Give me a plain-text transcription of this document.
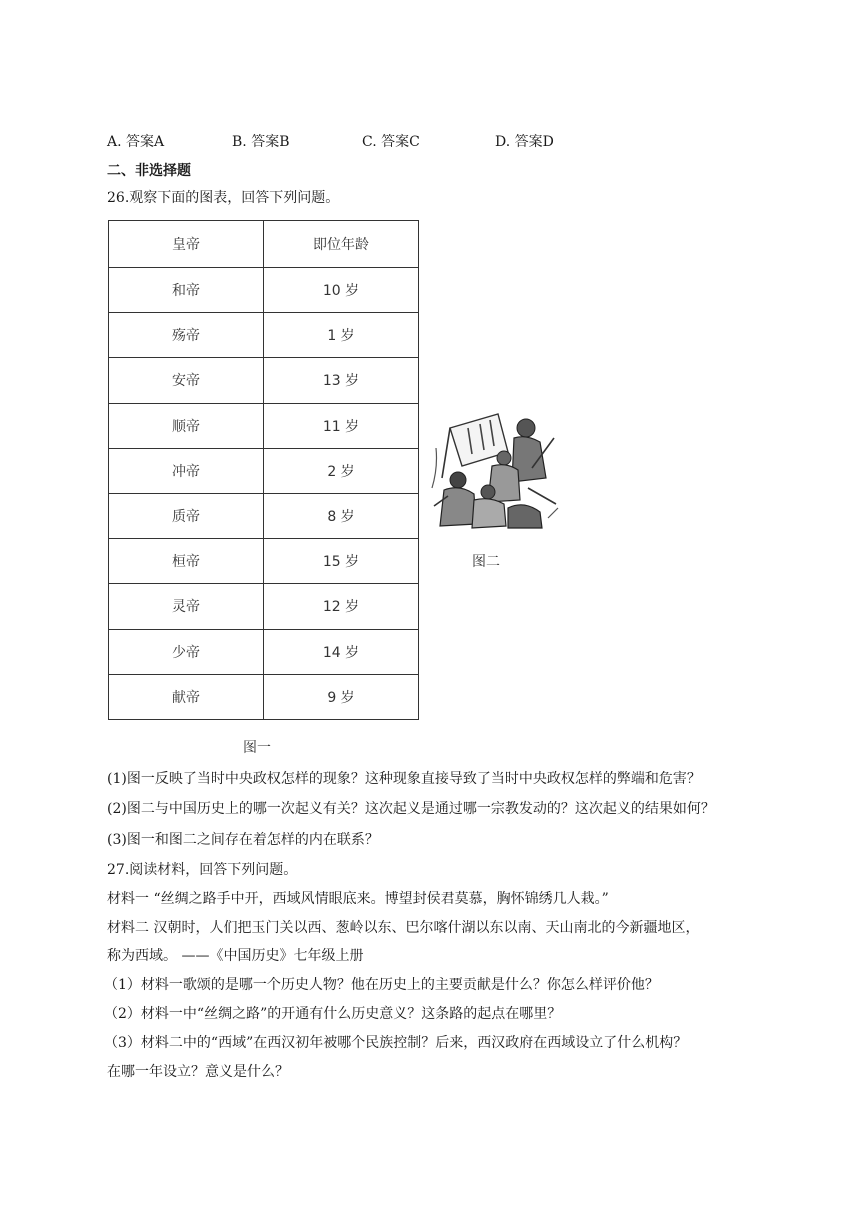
A. 答案A	B. 答案B	C. 答案C	D. 答案D
二、非选择题
26.观察下面的图表，回答下列问题。
皇帝	即位年龄
和帝	10 岁
殇帝	1 岁
安帝	13 岁
顺帝	11 岁
冲帝	2 岁
质帝	8 岁
桓帝	15 岁
灵帝	12 岁
少帝	14 岁
献帝	9 岁
图一
图二
(1)图一反映了当时中央政权怎样的现象？这种现象直接导致了当时中央政权怎样的弊端和危害？
(2)图二与中国历史上的哪一次起义有关？这次起义是通过哪一宗教发动的？这次起义的结果如何？
(3)图一和图二之间存在着怎样的内在联系？
27.阅读材料，回答下列问题。
材料一 “丝绸之路手中开，西域风情眼底来。博望封侯君莫慕，胸怀锦绣几人栽。”
材料二 汉朝时，人们把玉门关以西、葱岭以东、巴尔喀什湖以东以南、天山南北的今新疆地区，
称为西域。 ——《中国历史》七年级上册
（1）材料一歌颂的是哪一个历史人物？他在历史上的主要贡献是什么？你怎么样评价他？
（2）材料一中“丝绸之路”的开通有什么历史意义？这条路的起点在哪里？
（3）材料二中的“西域”在西汉初年被哪个民族控制？后来，西汉政府在西域设立了什么机构？
在哪一年设立？意义是什么？
